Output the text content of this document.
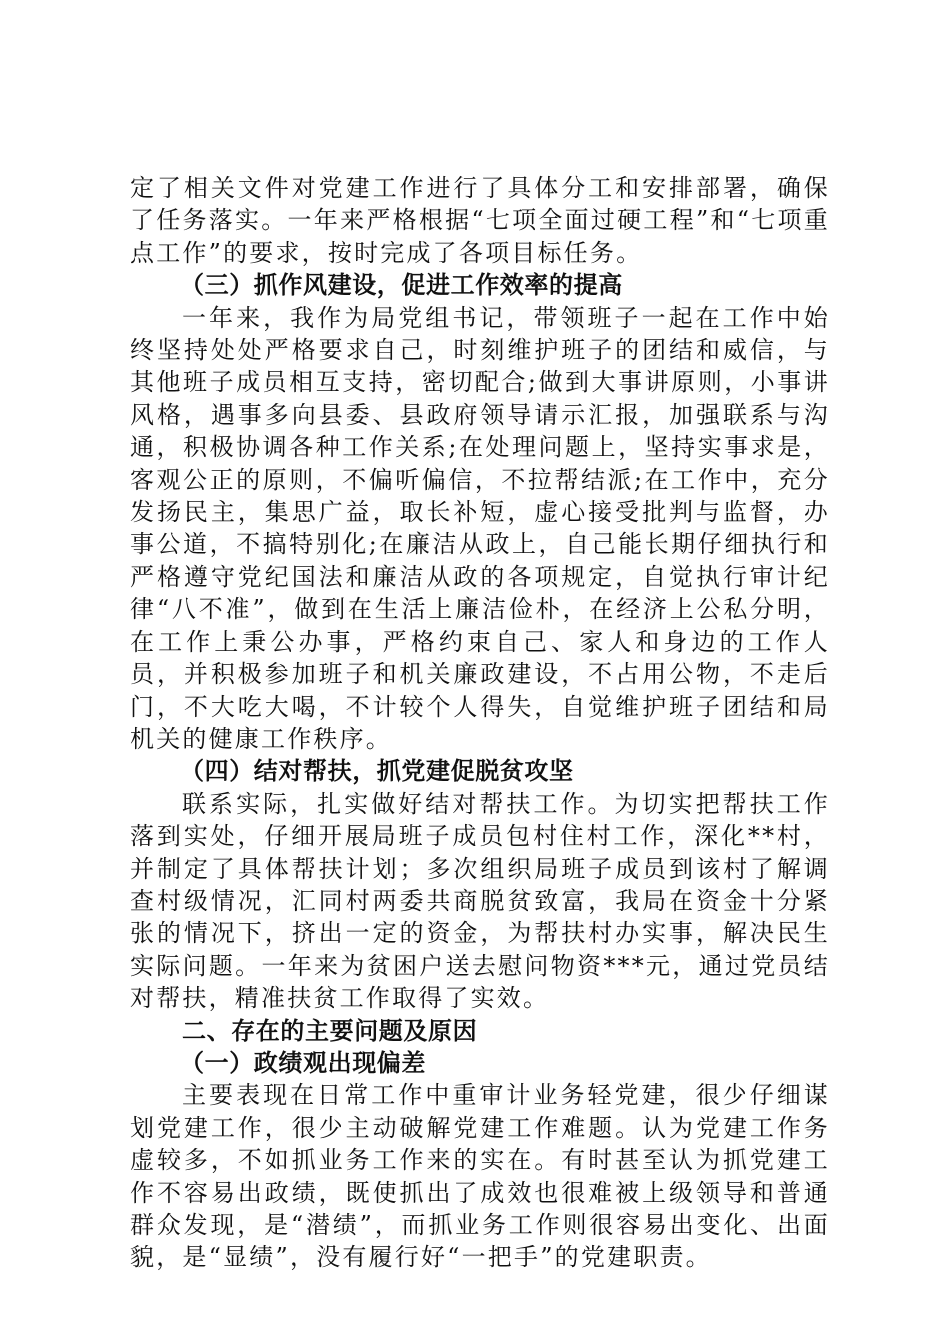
定了相关文件对党建工作进行了具体分工和安排部署，确保了任务落实。一年来严格根据“七项全面过硬工程”和“七项重点工作”的要求，按时完成了各项目标任务。

（三）抓作风建设，促进工作效率的提高

一年来，我作为局党组书记，带领班子一起在工作中始终坚持处处严格要求自己，时刻维护班子的团结和威信，与其他班子成员相互支持，密切配合;做到大事讲原则，小事讲风格，遇事多向县委、县政府领导请示汇报，加强联系与沟通，积极协调各种工作关系;在处理问题上，坚持实事求是，客观公正的原则，不偏听偏信，不拉帮结派;在工作中，充分发扬民主，集思广益，取长补短，虚心接受批判与监督，办事公道，不搞特别化;在廉洁从政上，自己能长期仔细执行和严格遵守党纪国法和廉洁从政的各项规定，自觉执行审计纪律“八不准”，做到在生活上廉洁俭朴，在经济上公私分明，在工作上秉公办事，严格约束自己、家人和身边的工作人员，并积极参加班子和机关廉政建设，不占用公物，不走后门，不大吃大喝，不计较个人得失，自觉维护班子团结和局机关的健康工作秩序。

（四）结对帮扶，抓党建促脱贫攻坚

联系实际，扎实做好结对帮扶工作。为切实把帮扶工作落到实处，仔细开展局班子成员包村住村工作，深化**村，并制定了具体帮扶计划；多次组织局班子成员到该村了解调查村级情况，汇同村两委共商脱贫致富，我局在资金十分紧张的情况下，挤出一定的资金，为帮扶村办实事，解决民生实际问题。一年来为贫困户送去慰问物资***元，通过党员结对帮扶，精准扶贫工作取得了实效。

二、存在的主要问题及原因

（一）政绩观出现偏差

主要表现在日常工作中重审计业务轻党建，很少仔细谋划党建工作，很少主动破解党建工作难题。认为党建工作务虚较多，不如抓业务工作来的实在。有时甚至认为抓党建工作不容易出政绩，既使抓出了成效也很难被上级领导和普通群众发现，是“潜绩”，而抓业务工作则很容易出变化、出面貌，是“显绩”，没有履行好“一把手”的党建职责。
